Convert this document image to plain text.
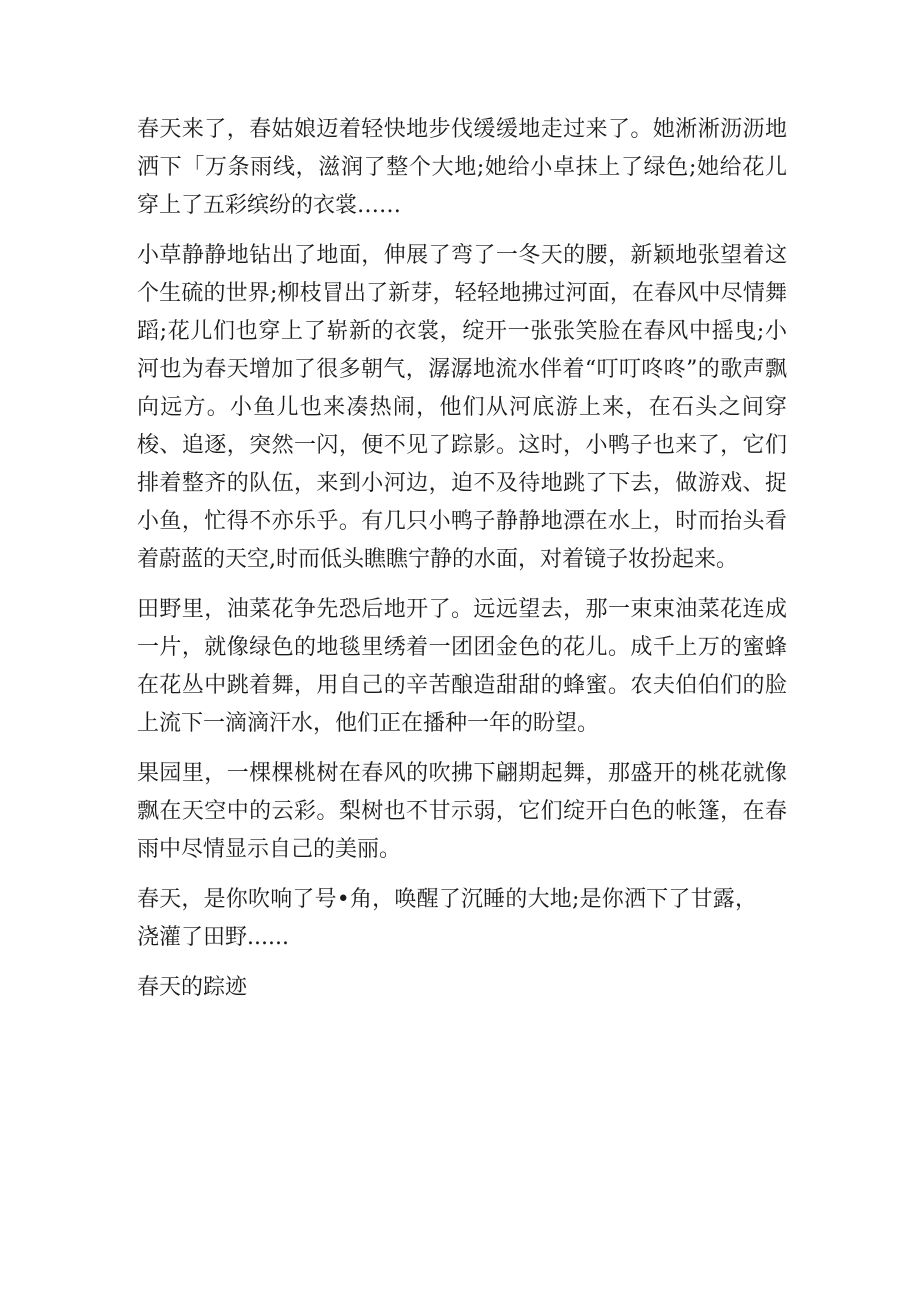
春天来了，春姑娘迈着轻快地步伐缓缓地走过来了。她淅淅沥沥地洒下「万条雨线，滋润了整个大地;她给小卓抹上了绿色;她给花儿穿上了五彩缤纷的衣裳……

小草静静地钻出了地面，伸展了弯了一冬天的腰，新颖地张望着这个生硫的世界;柳枝冒出了新芽，轻轻地拂过河面，在春风中尽情舞蹈;花儿们也穿上了崭新的衣裳，绽开一张张笑脸在春风中摇曳;小河也为春天增加了很多朝气，潺潺地流水伴着“叮叮咚咚”的歌声飘向远方。小鱼儿也来凑热闹，他们从河底游上来，在石头之间穿梭、追逐，突然一闪，便不见了踪影。这时，小鸭子也来了，它们排着整齐的队伍，来到小河边，迫不及待地跳了下去，做游戏、捉小鱼，忙得不亦乐乎。有几只小鸭子静静地漂在水上，时而抬头看着蔚蓝的天空,时而低头瞧瞧宁静的水面，对着镜子妆扮起来。

田野里，油菜花争先恐后地开了。远远望去，那一束束油菜花连成一片，就像绿色的地毯里绣着一团团金色的花儿。成千上万的蜜蜂在花丛中跳着舞，用自己的辛苦酿造甜甜的蜂蜜。农夫伯伯们的脸上流下一滴滴汗水，他们正在播种一年的盼望。

果园里，一棵棵桃树在春风的吹拂下翩期起舞，那盛开的桃花就像飘在天空中的云彩。梨树也不甘示弱，它们绽开白色的帐篷，在春雨中尽情显示自己的美丽。

春天，是你吹响了号•角，唤醒了沉睡的大地;是你洒下了甘露，浇灌了田野......

春天的踪迹
